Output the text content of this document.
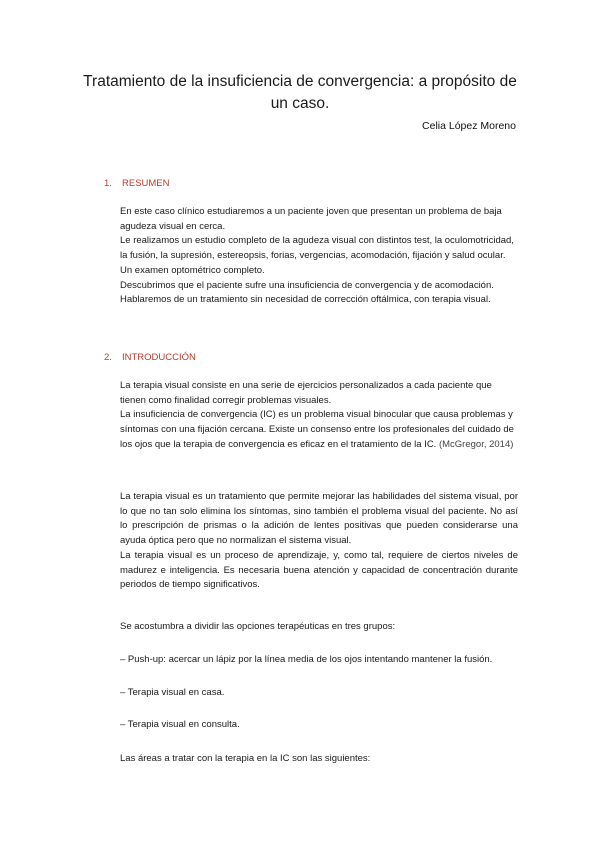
Tratamiento de la insuficiencia de convergencia: a propósito de un caso.
Celia López Moreno
1. RESUMEN

En este caso clínico estudiaremos a un paciente joven que presentan un problema de baja agudeza visual en cerca.

Le realizamos un estudio completo de la agudeza visual con distintos test, la oculomotricidad, la fusión, la supresión, estereopsis, forias, vergencias, acomodación, fijación y salud ocular. Un examen optométrico completo.

Descubrimos que el paciente sufre una insuficiencia de convergencia y de acomodación.

Hablaremos de un tratamiento sin necesidad de corrección oftálmica, con terapia visual.

2. INTRODUCCIÓN

La terapia visual consiste en una serie de ejercicios personalizados a cada paciente que tienen como finalidad corregir problemas visuales.

La insuficiencia de convergencia (IC) es un problema visual binocular que causa problemas y síntomas con una fijación cercana. Existe un consenso entre los profesionales del cuidado de los ojos que la terapia de convergencia es eficaz en el tratamiento de la IC. (McGregor, 2014)

La terapia visual es un tratamiento que permite mejorar las habilidades del sistema visual, por lo que no tan solo elimina los síntomas, sino también el problema visual del paciente. No así lo prescripción de prismas o la adición de lentes positivas que pueden considerarse una ayuda óptica pero que no normalizan el sistema visual.

La terapia visual es un proceso de aprendizaje, y, como tal, requiere de ciertos niveles de madurez e inteligencia. Es necesaria buena atención y capacidad de concentración durante periodos de tiempo significativos.

Se acostumbra a dividir las opciones terapéuticas en tres grupos:
– Push-up: acercar un lápiz por la línea media de los ojos intentando mantener la fusión.
– Terapia visual en casa.
– Terapia visual en consulta.
Las áreas a tratar con la terapia en la IC son las siguientes:
